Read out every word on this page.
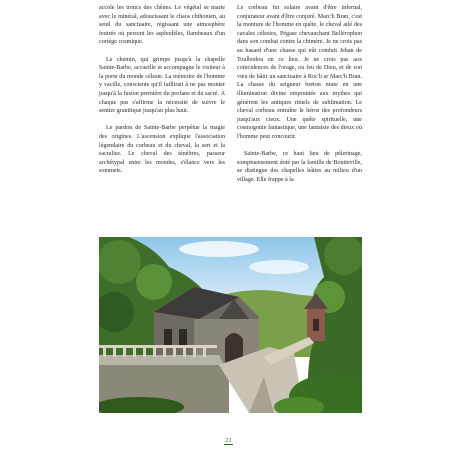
accole les troncs des chênes. Le végétal se marie avec le minéral, adoucissant le chaos chthonien, au seuil du sanctuaire, régissant une atmosphère feutrée où percent les asphodèles, flambeaux d'un cortège cosmique.

Le chemin, qui grimpe jusqu'à la chapelle Sainte-Barbe, accueille et accompagne le visiteur à la porte du monde céleste. La mémoire de l'homme y vacille, consciente qu'il faillirait à ne pas monter jusqu'à la fusion première du profane et du sacré. À chaque pas s'affirme la nécessité de suivre le sentier granitique jusqu'au plus haut.

Le pardon de Sainte-Barbe perpétue la magie des origines. L'ascension explique l'association légendaire du corbeau et du cheval, la sert et la sacralise. Le cheval des ténèbres, passeur archétypal entre les mondes, s'élance vers les sommets.

Le corbeau fut solaire avant d'être infernal, conjurateur avant d'être conjuré. Marc'h Bran, c'est la monture de l'homme en quête, le cheval ailé des cavales célestes, Pégase chevauchant Bellérophon dans son combat contre la chimère. Je ne crois pas au hasard d'une chasse qui eût conduit Jehan de Toulbodou en ce lieu. Je ne crois pas aux coïncidences de l'orage, ou feu de Dieu, et de son vœu de bâtir un sanctuaire à Roc'h ar Marc'h Bran. La chasse du seigneur breton mute en une illumination divine empruntée aux mythes qui génèrent les antiques rituels de sublimation. Le cheval corbeau entraîne le héros des profondeurs jusqu'aux cieux. Une quête spirituelle, une cosmogonie fantastique, une fantaisie des dieux où l'homme peut concourir.

Sainte-Barbe, ce haut lieu de pèlerinage, somptueusement doté par la famille de Boutteville, se distingue des chapelles bâties au milieu d'un village. Elle frappe à la

21
